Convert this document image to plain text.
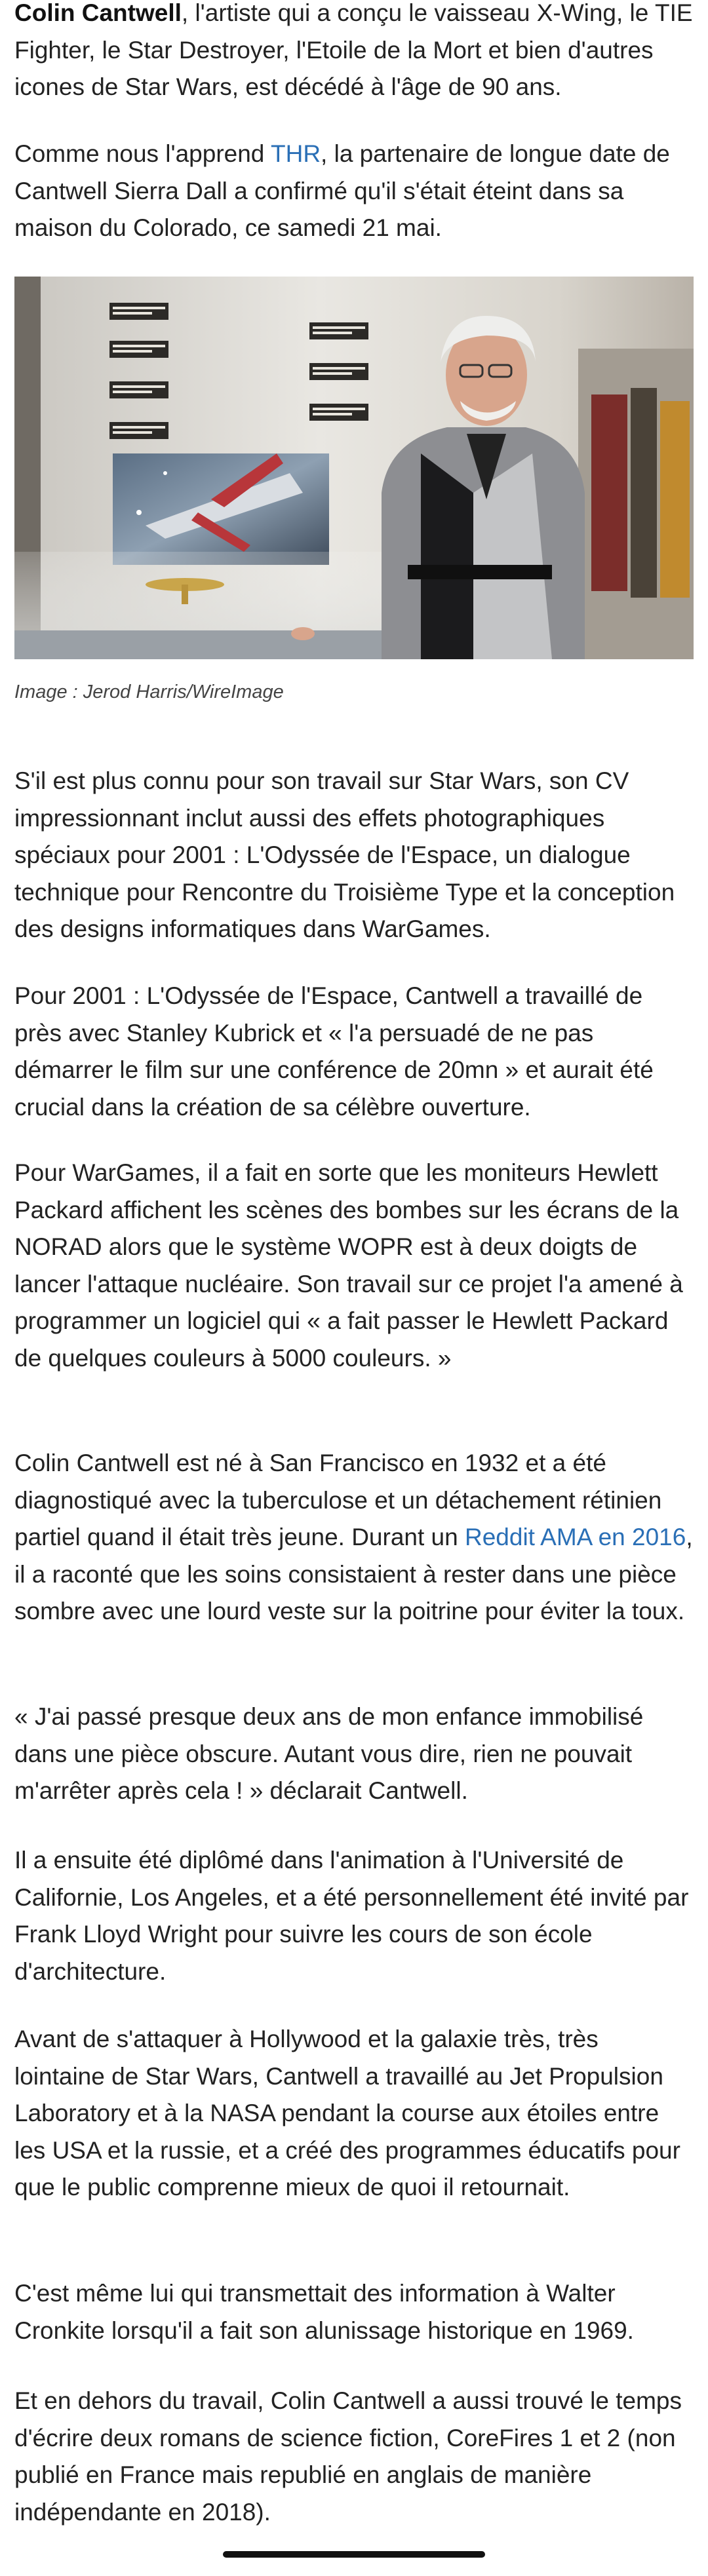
Colin Cantwell, l'artiste qui a conçu le vaisseau X-Wing, le TIE Fighter, le Star Destroyer, l'Etoile de la Mort et bien d'autres icones de Star Wars, est décédé à l'âge de 90 ans.

Comme nous l'apprend THR, la partenaire de longue date de Cantwell Sierra Dall a confirmé qu'il s'était éteint dans sa maison du Colorado, ce samedi 21 mai.

Image : Jerod Harris/WireImage

S'il est plus connu pour son travail sur Star Wars, son CV impressionnant inclut aussi des effets photographiques spéciaux pour 2001 : L'Odyssée de l'Espace, un dialogue technique pour Rencontre du Troisième Type et la conception des designs informatiques dans WarGames.

Pour 2001 : L'Odyssée de l'Espace, Cantwell a travaillé de près avec Stanley Kubrick et « l'a persuadé de ne pas démarrer le film sur une conférence de 20mn » et aurait été crucial dans la création de sa célèbre ouverture.

Pour WarGames, il a fait en sorte que les moniteurs Hewlett Packard affichent les scènes des bombes sur les écrans de la NORAD alors que le système WOPR est à deux doigts de lancer l'attaque nucléaire. Son travail sur ce projet l'a amené à programmer un logiciel qui « a fait passer le Hewlett Packard de quelques couleurs à 5000 couleurs. »

Colin Cantwell est né à San Francisco en 1932 et a été diagnostiqué avec la tuberculose et un détachement rétinien partiel quand il était très jeune. Durant un Reddit AMA en 2016, il a raconté que les soins consistaient à rester dans une pièce sombre avec une lourd veste sur la poitrine pour éviter la toux.

« J'ai passé presque deux ans de mon enfance immobilisé dans une pièce obscure. Autant vous dire, rien ne pouvait m'arrêter après cela ! » déclarait Cantwell.

Il a ensuite été diplômé dans l'animation à l'Université de Californie, Los Angeles, et a été personnellement été invité par Frank Lloyd Wright pour suivre les cours de son école d'architecture.

Avant de s'attaquer à Hollywood et la galaxie très, très lointaine de Star Wars, Cantwell a travaillé au Jet Propulsion Laboratory et à la NASA pendant la course aux étoiles entre les USA et la russie, et a créé des programmes éducatifs pour que le public comprenne mieux de quoi il retournait.

C'est même lui qui transmettait des information à Walter Cronkite lorsqu'il a fait son alunissage historique en 1969.

Et en dehors du travail, Colin Cantwell a aussi trouvé le temps d'écrire deux romans de science fiction, CoreFires 1 et 2 (non publié en France mais republié en anglais de manière indépendante en 2018).
